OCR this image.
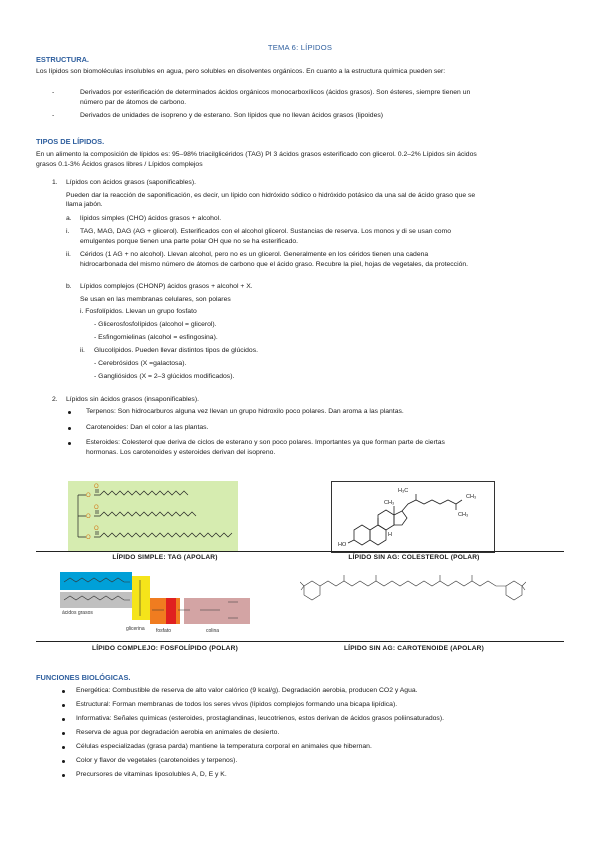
TEMA 6: LÍPIDOS
ESTRUCTURA.
Los lípidos son biomoléculas insolubles en agua, pero solubles en disolventes orgánicos. En cuanto a la estructura química pueden ser:
-	Derivados por esterificación de determinados ácidos orgánicos monocarboxílicos (ácidos grasos). Son ésteres, siempre tienen un
número par de átomos de carbono.
-	Derivados de unidades de isopreno y de esterano. Son lípidos que no llevan ácidos grasos (lipoides)
TIPOS DE LÍPIDOS.
En un alimento la composición de lípidos es: 95–98% triacilglicéridos (TAG) PI 3 ácidos grasos esterificado con glicerol. 0.2–2% Lípidos sin ácidos
grasos 0.1-3% Ácidos grasos libres / Lípidos complejos
1. Lípidos con ácidos grasos (saponificables).
Pueden dar la reacción de saponificación, es decir, un lípido con hidróxido sódico o hidróxido potásico da una sal de ácido graso que se
llama jabón.
a. lípidos simples (CHO) ácidos grasos + alcohol.
i. TAG, MAG, DAG (AG + glicerol). Esterificados con el alcohol glicerol. Sustancias de reserva. Los monos y di se usan como
emulgentes porque tienen una parte polar OH que no se ha esterificado.
ii. Céridos (1 AG + no alcohol). Llevan alcohol, pero no es un glicerol. Generalmente en los céridos tienen una cadena
hidrocarbonada del mismo número de átomos de carbono que el ácido graso. Recubre la piel, hojas de vegetales, da protección.
b. Lípidos complejos (CHONP) ácidos grasos + alcohol + X.
Se usan en las membranas celulares, son polares
i. Fosfolípidos. Llevan un grupo fosfato
- Glicerosfosfolípidos (alcohol = glicerol).
- Esfingomielinas (alcohol = esfingosina).
ii. Glucolípidos. Pueden llevar distintos tipos de glúcidos.
- Cerebrósidos (X =galactosa).
- Gangliósidos (X = 2–3 glúcidos modificados).
2. Lípidos sin ácidos grasos (insaponificables).
Terpenos: Son hidrocarburos alguna vez llevan un grupo hidroxilo poco polares. Dan aroma a las plantas.
Carotenoides: Dan el color a las plantas.
Esteroides: Colesterol que deriva de ciclos de esterano y son poco polares. Importantes ya que forman parte de ciertas
hormonas. Los carotenoides y esteroides derivan del isopreno.
O
O
O
O
O
O
HO
H₃C
CH₃
CH₃
CH₃
H
LÍPIDO SIMPLE: TAG (APOLAR)	LÍPIDO SIN AG: COLESTEROL (POLAR)
ácidos grasos
glicerina fosfato	colina
LÍPIDO COMPLEJO: FOSFOLÍPIDO (POLAR)	LÍPIDO SIN AG: CAROTENOIDE (APOLAR)
FUNCIONES BIOLÓGICAS.
Energética: Combustible de reserva de alto valor calórico (9 kcal/g). Degradación aerobia, producen CO2 y Agua.
Estructural: Forman membranas de todos los seres vivos (lípidos complejos formando una bicapa lipídica).
Informativa: Señales químicas (esteroides, prostaglandinas, leucotrienos, estos derivan de ácidos grasos poliinsaturados).
Reserva de agua por degradación aerobia en animales de desierto.
Células especializadas (grasa parda) mantiene la temperatura corporal en animales que hibernan.
Color y flavor de vegetales (carotenoides y terpenos).
Precursores de vitaminas liposolubles A, D, E y K.
